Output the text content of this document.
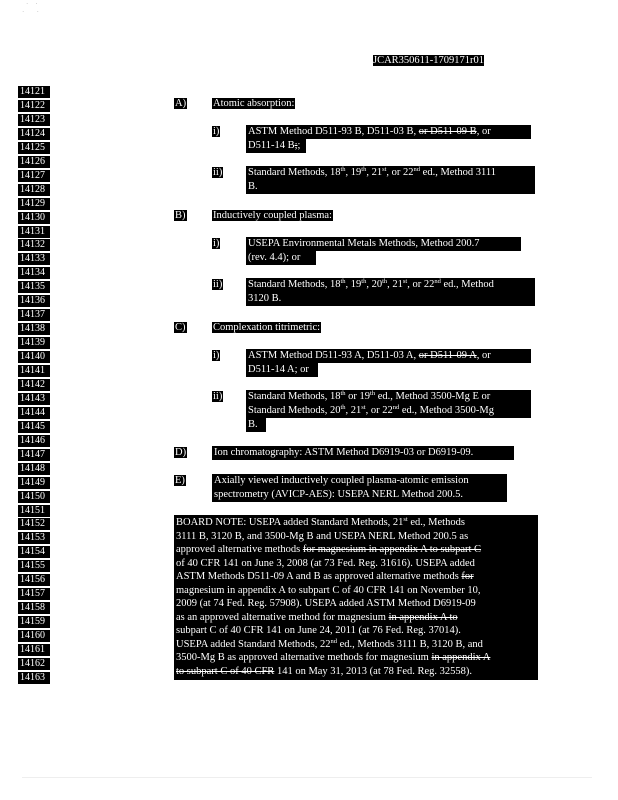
·    ·
·       ·
JCAR350611-1709171r01
14121
14122
14123
14124
14125
14126
14127
14128
14129
14130
14131
14132
14133
14134
14135
14136
14137
14138
14139
14140
14141
14142
14143
14144
14145
14146
14147
14148
14149
14150
14151
14152
14153
14154
14155
14156
14157
14158
14159
14160
14161
14162
14163
A)	Atomic absorption:
i)	ASTM Method D511-93 B, D511-03 B, or D511-09 B, or
D511-14 B;; or
ii) Standard Methods, 18th, 19th, 21st, or 22nd ed., Method 3111
B.
B)	Inductively coupled plasma:
i)	USEPA Environmental Metals Methods, Method 200.7
(rev. 4.4); or
ii) Standard Methods, 18th, 19th, 20th, 21st, or 22nd ed., Method
3120 B.
C)	Complexation titrimetric:
i)	ASTM Method D511-93 A, D511-03 A, or D511-09 A, or
D511-14 A; or
ii) Standard Methods, 18th or 19th ed., Method 3500-Mg E or
Standard Methods, 20th, 21st, or 22nd ed., Method 3500-Mg
B.
D)	Ion chromatography: ASTM Method D6919-03 or D6919-09.
E)	Axially viewed inductively coupled plasma-atomic emission
spectrometry (AVICP-AES): USEPA NERL Method 200.5.
BOARD NOTE: USEPA added Standard Methods, 21st ed., Methods
3111 B, 3120 B, and 3500-Mg B and USEPA NERL Method 200.5 as
approved alternative methods for magnesium in appendix A to subpart C
of 40 CFR 141 on June 3, 2008 (at 73 Fed. Reg. 31616). USEPA added
ASTM Methods D511-09 A and B as approved alternative methods for
magnesium in appendix A to subpart C of 40 CFR 141 on November 10,
2009 (at 74 Fed. Reg. 57908). USEPA added ASTM Method D6919-09
as an approved alternative method for magnesium in appendix A to
subpart C of 40 CFR 141 on June 24, 2011 (at 76 Fed. Reg. 37014).
USEPA added Standard Methods, 22nd ed., Methods 3111 B, 3120 B, and
3500-Mg B as approved alternative methods for magnesium in appendix A
to subpart C of 40 CFR 141 on May 31, 2013 (at 78 Fed. Reg. 32558).
